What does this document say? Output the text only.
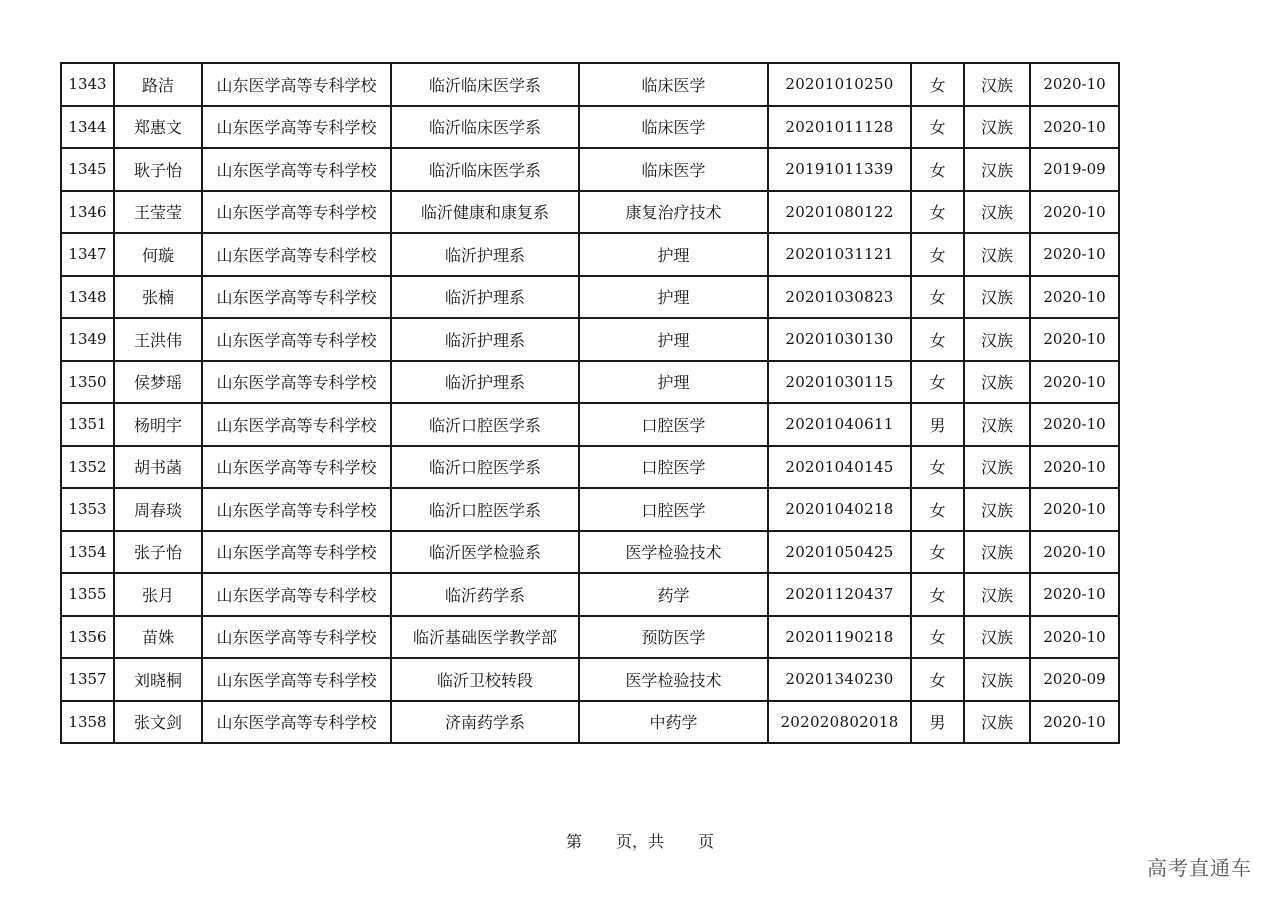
1343	路洁	山东医学高等专科学校	临沂临床医学系	临床医学	20201010250	女	汉族	2020-10
1344	郑惠文	山东医学高等专科学校	临沂临床医学系	临床医学	20201011128	女	汉族	2020-10
1345	耿子怡	山东医学高等专科学校	临沂临床医学系	临床医学	20191011339	女	汉族	2019-09
1346	王莹莹	山东医学高等专科学校	临沂健康和康复系	康复治疗技术	20201080122	女	汉族	2020-10
1347	何璇	山东医学高等专科学校	临沂护理系	护理	20201031121	女	汉族	2020-10
1348	张楠	山东医学高等专科学校	临沂护理系	护理	20201030823	女	汉族	2020-10
1349	王洪伟	山东医学高等专科学校	临沂护理系	护理	20201030130	女	汉族	2020-10
1350	侯梦瑶	山东医学高等专科学校	临沂护理系	护理	20201030115	女	汉族	2020-10
1351	杨明宇	山东医学高等专科学校	临沂口腔医学系	口腔医学	20201040611	男	汉族	2020-10
1352	胡书菡	山东医学高等专科学校	临沂口腔医学系	口腔医学	20201040145	女	汉族	2020-10
1353	周春琰	山东医学高等专科学校	临沂口腔医学系	口腔医学	20201040218	女	汉族	2020-10
1354	张子怡	山东医学高等专科学校	临沂医学检验系	医学检验技术	20201050425	女	汉族	2020-10
1355	张月	山东医学高等专科学校	临沂药学系	药学	20201120437	女	汉族	2020-10
1356	苗姝	山东医学高等专科学校	临沂基础医学教学部	预防医学	20201190218	女	汉族	2020-10
1357	刘晓桐	山东医学高等专科学校	临沂卫校转段	医学检验技术	20201340230	女	汉族	2020-09
1358	张文剑	山东医学高等专科学校	济南药学系	中药学	202020802018	男	汉族	2020-10
第 页，共 页
高考直通车
